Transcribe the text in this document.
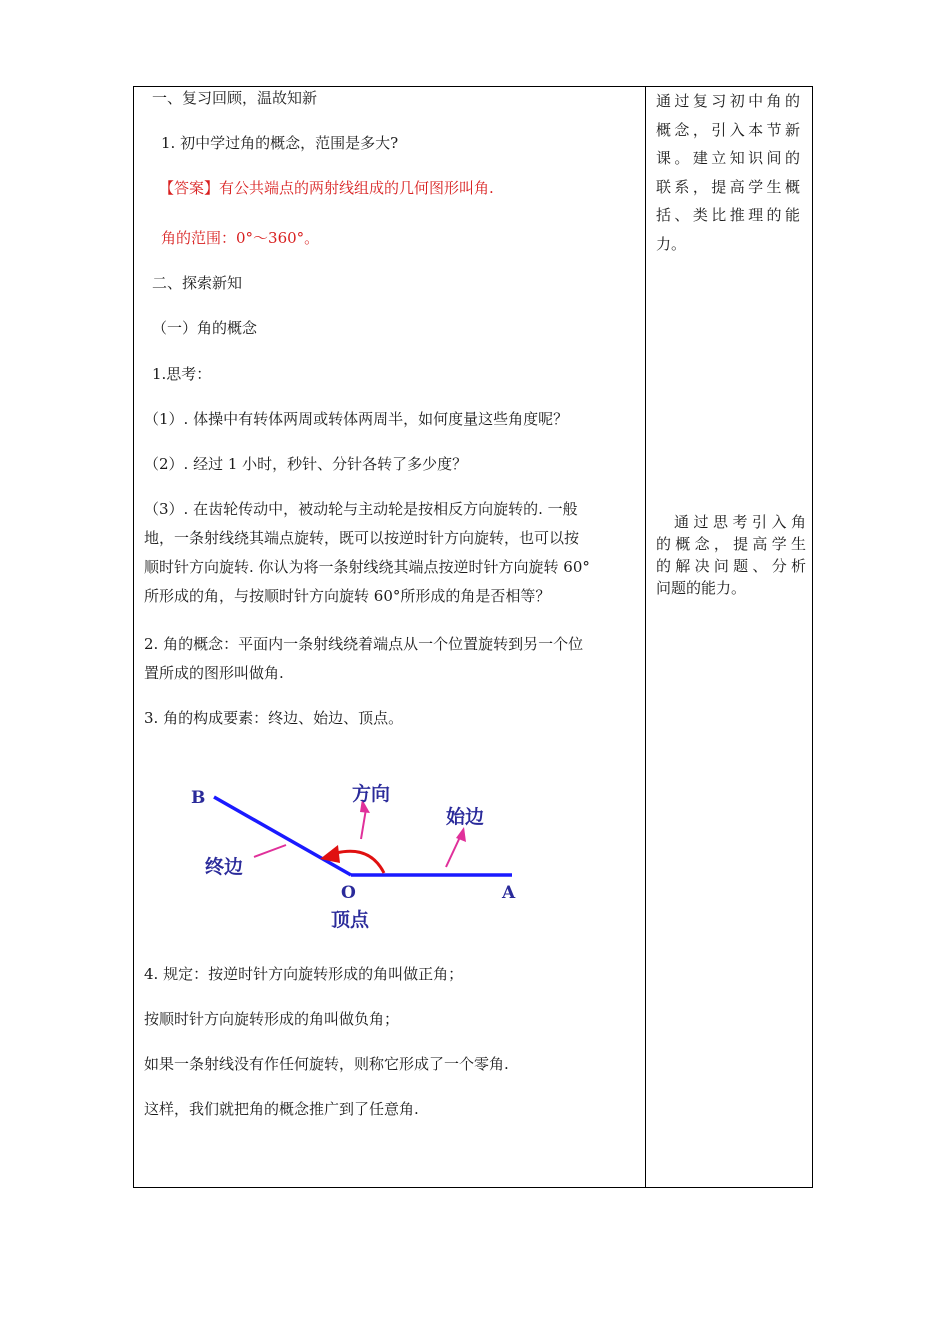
一、复习回顾，温故知新
1. 初中学过角的概念，范围是多大?
【答案】有公共端点的两射线组成的几何图形叫角.
角的范围：0°～360°。
二、探索新知
（一）角的概念
1.思考：
（1）. 体操中有转体两周或转体两周半，如何度量这些角度呢？
（2）. 经过 1 小时，秒针、分针各转了多少度？
（3）. 在齿轮传动中，被动轮与主动轮是按相反方向旋转的. 一般
地，一条射线绕其端点旋转，既可以按逆时针方向旋转，也可以按
顺时针方向旋转. 你认为将一条射线绕其端点按逆时针方向旋转 60°
所形成的角，与按顺时针方向旋转 60°所形成的角是否相等？
2. 角的概念：平面内一条射线绕着端点从一个位置旋转到另一个位
置所成的图形叫做角.
3. 角的构成要素：终边、始边、顶点。
B
A
O
方向
始边
终边
顶点
4. 规定：按逆时针方向旋转形成的角叫做正角；
按顺时针方向旋转形成的角叫做负角；
如果一条射线没有作任何旋转，则称它形成了一个零角.
这样，我们就把角的概念推广到了任意角.
通过复习初中角的
概念，引入本节新
课。建立知识间的
联系，提高学生概
括、类比推理的能
力。
通过思考引入角
的概念，提高学生
的解决问题、分析
问题的能力。
